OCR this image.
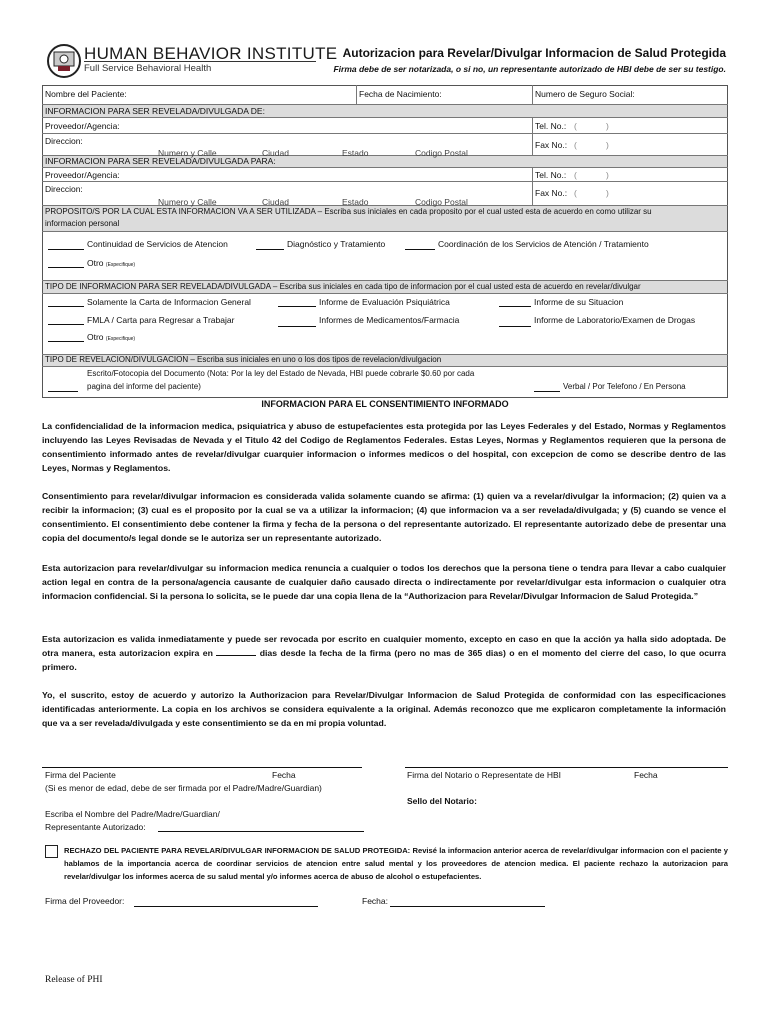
HUMAN BEHAVIOR INSTITUTE
Full Service Behavioral Health
Autorizacion para Revelar/Divulgar Informacion de Salud Protegida
Firma debe de ser notarizada, o si no, un representante autorizado de HBI debe de ser su testigo.
Nombre del Paciente:	Fecha de Nacimiento:	Numero de Seguro Social:
INFORMACION PARA SER REVELADA/DIVULGADA DE:
Proveedor/Agencia:	Tel. No.: (	)
Direccion:
Numero y Calle	Ciudad	Estado	Codigo Postal
Fax No.: (	)
INFORMACION PARA SER REVELADA/DIVULGADA PARA:
Proveedor/Agencia:	Tel. No.: (	)
Direccion:
Numero y Calle	Ciudad	Estado	Codigo Postal
Fax No.: (	)
PROPOSITO/S POR LA CUAL ESTA INFORMACION VA A SER UTILIZADA – Escriba sus iniciales en cada proposito por el cual usted esta de acuerdo en como utilizar su
informacion personal
Continuidad de Servicios de Atencion	Diagnóstico y Tratamiento	Coordinación de los Servicios de Atención / Tratamiento
Otro (Especifique)
TIPO DE INFORMACION PARA SER REVELADA/DIVULGADA – Escriba sus iniciales en cada tipo de informacion por el cual usted esta de acuerdo en revelar/divulgar
Solamente la Carta de Informacion General	Informe de Evaluación Psiquiátrica	Informe de su Situacion
FMLA / Carta para Regresar a Trabajar	Informes de Medicamentos/Farmacia	Informe de Laboratorio/Examen de Drogas
Otro (Especifique)
TIPO DE REVELACION/DIVULGACION – Escriba sus iniciales en uno o los dos tipos de revelacion/divulgacion
Escrito/Fotocopia del Documento (Nota: Por la ley del Estado de Nevada, HBI puede cobrarle $0.60 por cada
pagina del informe del paciente)	Verbal / Por Telefono / En Persona
INFORMACION PARA EL CONSENTIMIENTO INFORMADO
La confidencialidad de la informacion medica, psiquiatrica y abuso de estupefacientes esta protegida por las Leyes Federales y del Estado, Normas y Reglamentos incluyendo las Leyes Revisadas de Nevada y el Titulo 42 del Codigo de Reglamentos Federales. Estas Leyes, Normas y Reglamentos requieren que la persona de consentimiento informado antes de revelar/divulgar cuarquier informacion o informes medicos o del hospital, con excepcion de como se describe dentro de las Leyes, Normas y Reglamentos.
Consentimiento para revelar/divulgar informacion es considerada valida solamente cuando se afirma: (1) quien va a revelar/divulgar la informacion; (2) quien va a recibir la informacion; (3) cual es el proposito por la cual se va a utilizar la informacion; (4) que informacion va a ser revelada/divulgada; y (5) cuando se vence el consentimiento. El consentimiento debe contener la firma y fecha de la persona o del representante autorizado. El representante autorizado debe de presentar una copia del documento/s legal donde se le autoriza ser un representante autorizado.
Esta autorizacion para revelar/divulgar su informacion medica renuncia a cualquier o todos los derechos que la persona tiene o tendra para llevar a cabo cualquier action legal en contra de la persona/agencia causante de cualquier daño causado directa o indirectamente por revelar/divulgar esta informacion o cualquier otra informacion confidencial. Si la persona lo solicita, se le puede dar una copia llena de la “Authorizacion para Revelar/Divulgar Informacion de Salud Protegida.”
Esta autorizacion es valida inmediatamente y puede ser revocada por escrito en cualquier momento, excepto en caso en que la acción ya halla sido adoptada. De otra manera, esta autorizacion expira en	dias desde la fecha de la firma (pero no mas de 365 dias) o en el momento del cierre del caso, lo que ocurra primero.
Yo, el suscrito, estoy de acuerdo y autorizo la Authorizacion para Revelar/Divulgar Informacion de Salud Protegida de conformidad con las especificaciones identificadas anteriormente. La copia en los archivos se considera equivalente a la original. Además reconozco que me explicaron completamente la información que va a ser revelada/divulgada y este consentimiento se da en mi propia voluntad.
Firma del Paciente	Fecha
(Si es menor de edad, debe de ser firmada por el Padre/Madre/Guardian)
Firma del Notario o Representate de HBI	Fecha
Sello del Notario:
Escriba el Nombre del Padre/Madre/Guardian/
Representante Autorizado:
RECHAZO DEL PACIENTE PARA REVELAR/DIVULGAR INFORMACION DE SALUD PROTEGIDA: Revisé la informacion anterior acerca de revelar/divulgar informacion con el paciente y hablamos de la importancia acerca de coordinar servicios de atencion entre salud mental y los proveedores de atencion medica. El paciente rechazo la autorizacion para revelar/divulgar los informes acerca de su salud mental y/o informes acerca de abuso de alcohol o estupefacientes.
Firma del Proveedor:	Fecha:
Release of PHI
